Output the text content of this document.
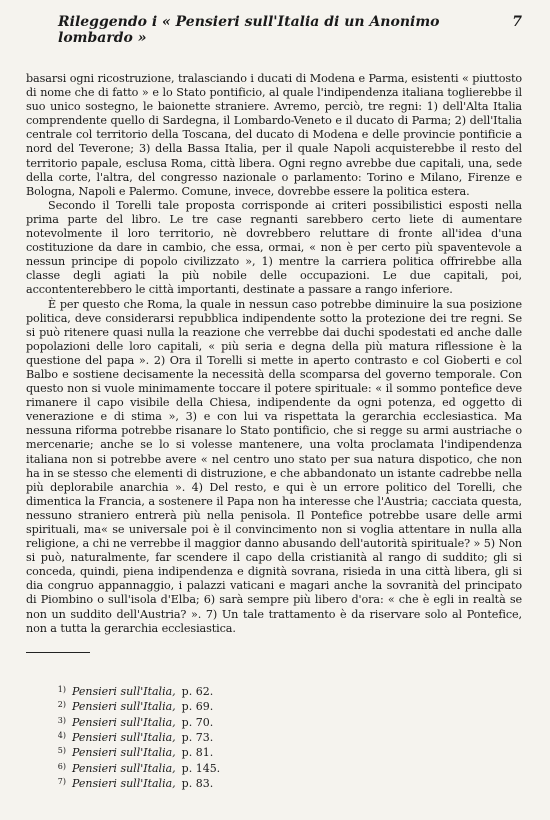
Rileggendo i « Pensieri sull'Italia di un Anonimo lombardo »
7

basarsi ogni ricostruzione, tralasciando i ducati di Modena e Parma, esistenti « piuttosto di nome che di fatto » e lo Stato pontificio, al quale l'indipendenza italiana toglierebbe il suo unico sostegno, le baionette straniere. Avremo, perciò, tre regni: 1) dell'Alta Italia comprendente quello di Sardegna, il Lombardo-Veneto e il ducato di Parma; 2) dell'Italia centrale col territorio della Toscana, del ducato di Modena e delle provincie pontificie a nord del Teverone; 3) della Bassa Italia, per il quale Napoli acquisterebbe il resto del territorio papale, esclusa Roma, città libera. Ogni regno avrebbe due capitali, una, sede della corte, l'altra, del congresso nazionale o parlamento: Torino e Milano, Firenze e Bologna, Napoli e Palermo. Comune, invece, dovrebbe essere la politica estera.

Secondo il Torelli tale proposta corrisponde ai criteri possibilistici esposti nella prima parte del libro. Le tre case regnanti sarebbero certo liete di aumentare notevolmente il loro territorio, nè dovrebbero reluttare di fronte all'idea d'una costituzione da dare in cambio, che essa, ormai, « non è per certo più spaventevole a nessun principe di popolo civilizzato », 1) mentre la carriera politica offrirebbe alla classe degli agiati la più nobile delle occupazioni. Le due capitali, poi, accontenterebbero le città importanti, destinate a passare a rango inferiore.

È per questo che Roma, la quale in nessun caso potrebbe diminuire la sua posizione politica, deve considerarsi repubblica indipendente sotto la protezione dei tre regni. Se si può ritenere quasi nulla la reazione che verrebbe dai duchi spodestati ed anche dalle popolazioni delle loro capitali, « più seria e degna della più matura riflessione è la questione del papa ». 2) Ora il Torelli si mette in aperto contrasto e col Gioberti e col Balbo e sostiene decisamente la necessità della scomparsa del governo temporale. Con questo non si vuole minimamente toccare il potere spirituale: « il sommo pontefice deve rimanere il capo visibile della Chiesa, indipendente da ogni potenza, ed oggetto di venerazione e di stima », 3) e con lui va rispettata la gerarchia ecclesiastica. Ma nessuna riforma potrebbe risanare lo Stato pontificio, che si regge su armi austriache o mercenarie; anche se lo si volesse mantenere, una volta proclamata l'indipendenza italiana non si potrebbe avere « nel centro uno stato per sua natura dispotico, che non ha in se stesso che elementi di distruzione, e che abbandonato un istante cadrebbe nella più deplorabile anarchia ». 4) Del resto, e qui è un errore politico del Torelli, che dimentica la Francia, a sostenere il Papa non ha interesse che l'Austria; cacciata questa, nessuno straniero entrerà più nella penisola. Il Pontefice potrebbe usare delle armi spirituali, ma« se universale poi è il convincimento non si voglia attentare in nulla alla religione, a chi ne verrebbe il maggior danno abusando dell'autorità spirituale? » 5) Non si può, naturalmente, far scendere il capo della cristianità al rango di suddito; gli si conceda, quindi, piena indipendenza e dignità sovrana, risieda in una città libera, gli si dia congruo appannaggio, i palazzi vaticani e magari anche la sovranità del principato di Piombino o sull'isola d'Elba; 6) sarà sempre più libero d'ora: « che è egli in realtà se non un suddito dell'Austria? ». 7) Un tale trattamento è da riservare solo al Pontefice, non a tutta la gerarchia ecclesiastica.

1) Pensieri sull'Italia, p. 62.
2) Pensieri sull'Italia, p. 69.
3) Pensieri sull'Italia, p. 70.
4) Pensieri sull'Italia, p. 73.
5) Pensieri sull'Italia, p. 81.
6) Pensieri sull'Italia, p. 145.
7) Pensieri sull'Italia, p. 83.
